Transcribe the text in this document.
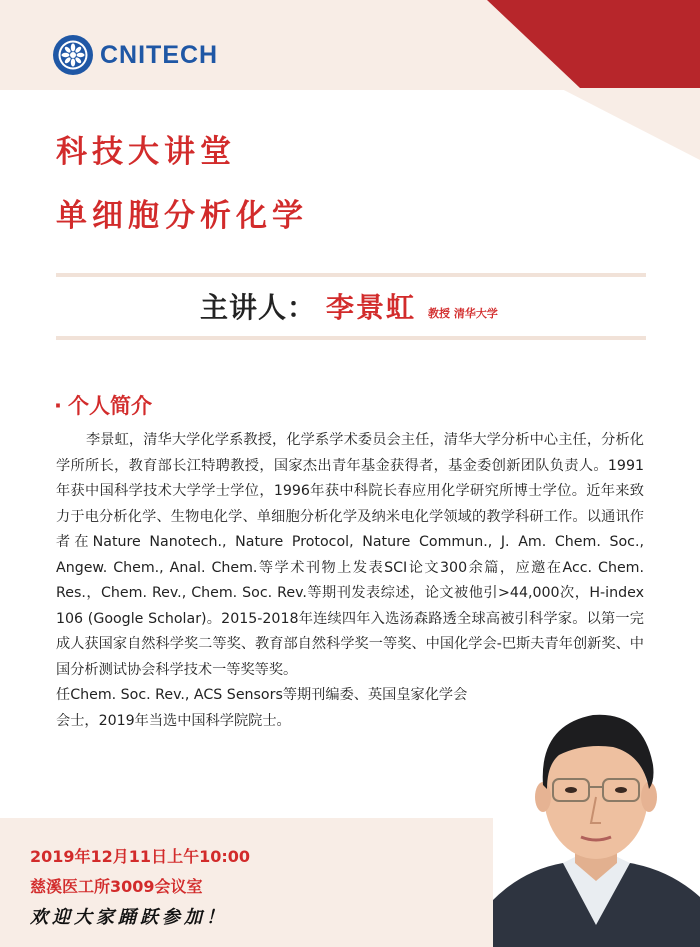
CNITECH
科技大讲堂
单细胞分析化学
主讲人： 李景虹 教授 清华大学
· 个人简介

李景虹，清华大学化学系教授，化学系学术委员会主任，清华大学分析中心主任，分析化学所所长，教育部长江特聘教授，国家杰出青年基金获得者，基金委创新团队负责人。1991年获中国科学技术大学学士学位，1996年获中科院长春应用化学研究所博士学位。近年来致力于电分析化学、生物电化学、单细胞分析化学及纳米电化学领域的教学科研工作。以通讯作者在Nature Nanotech., Nature Protocol, Nature Commun., J. Am. Chem. Soc., Angew. Chem., Anal. Chem.等学术刊物上发表SCI论文300余篇，应邀在Acc. Chem. Res.，Chem. Rev., Chem. Soc. Rev.等期刊发表综述，论文被他引>44,000次，H-index 106 (Google Scholar)。2015-2018年连续四年入选汤森路透全球高被引科学家。以第一完成人获国家自然科学奖二等奖、教育部自然科学奖一等奖、中国化学会-巴斯夫青年创新奖、中国分析测试协会科学技术一等奖等奖。

任Chem. Soc. Rev., ACS Sensors等期刊编委、英国皇家化学会会士，2019年当选中国科学院院士。

2019年12月11日上午10:00
慈溪医工所3009会议室
欢迎大家踊跃参加！
